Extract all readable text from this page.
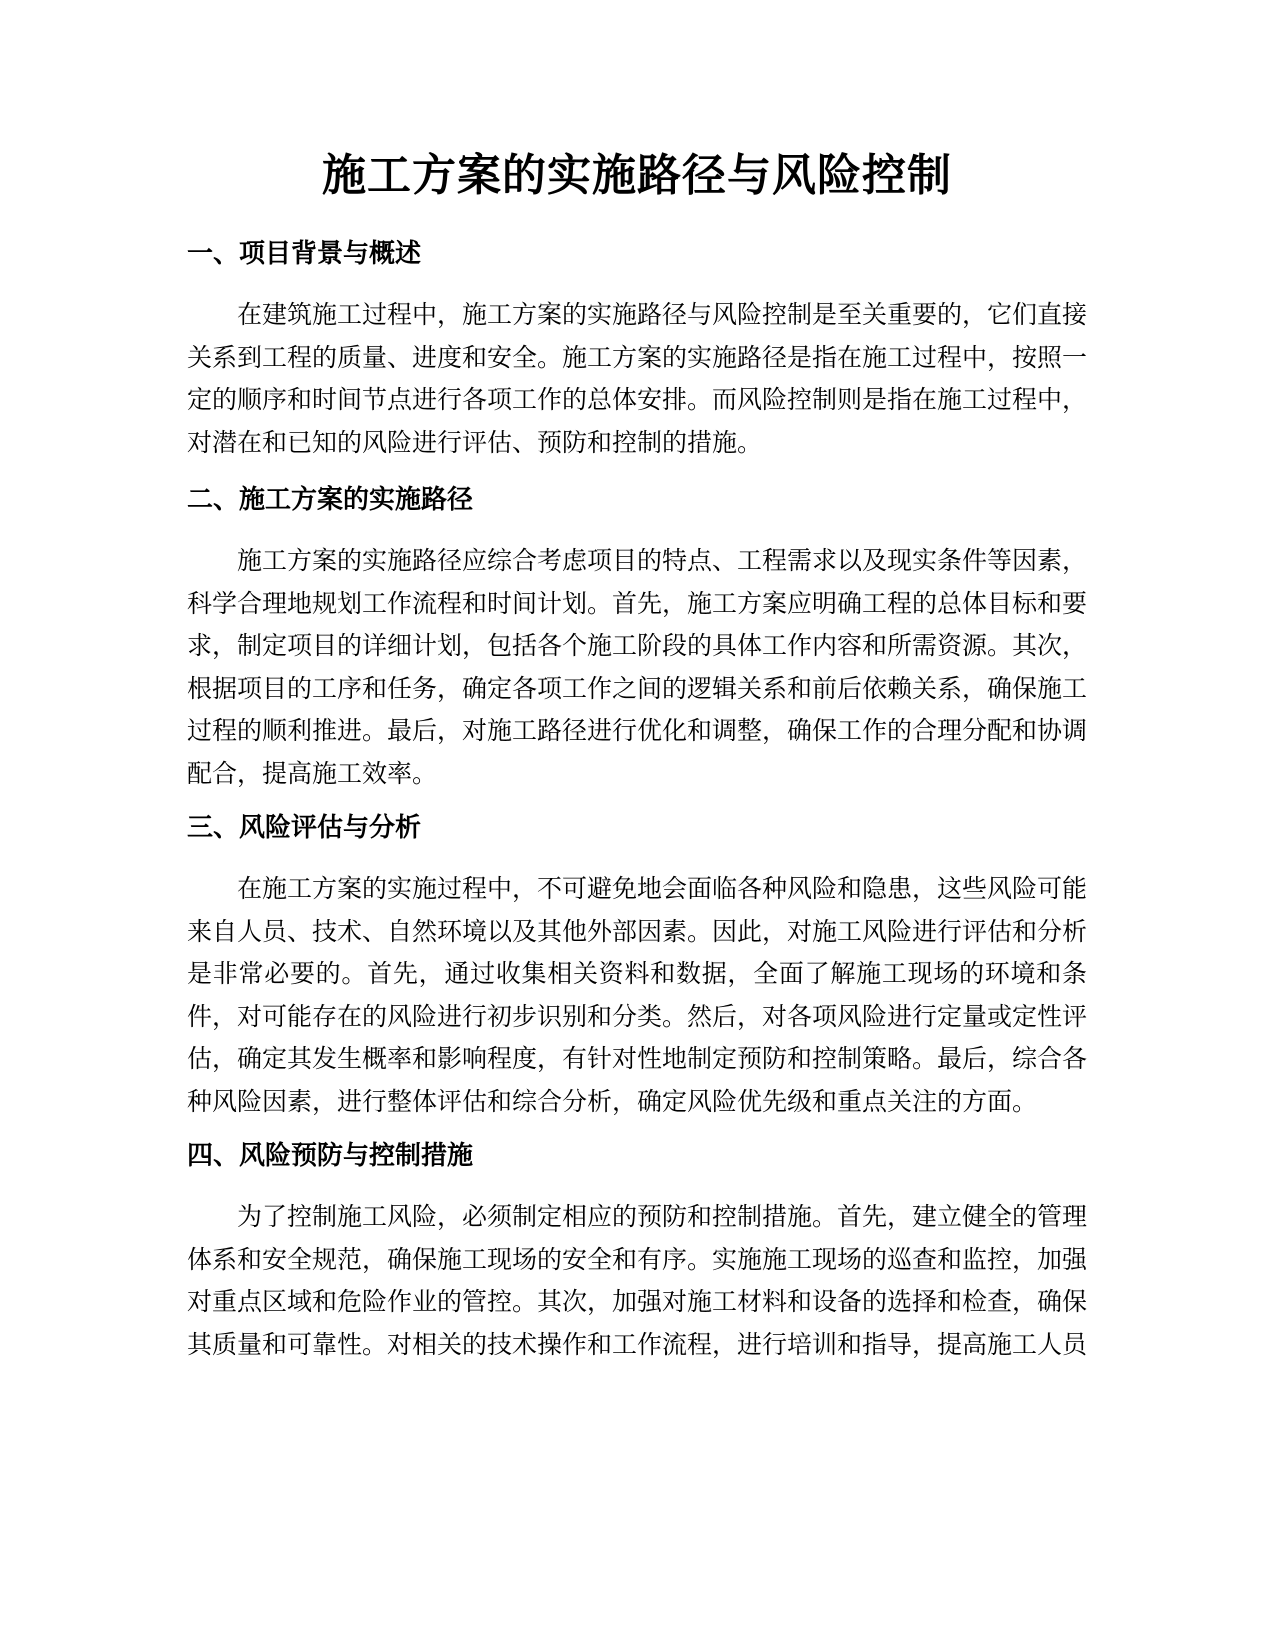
施工方案的实施路径与风险控制
一、项目背景与概述

在建筑施工过程中，施工方案的实施路径与风险控制是至关重要的，它们直接关系到工程的质量、进度和安全。施工方案的实施路径是指在施工过程中，按照一定的顺序和时间节点进行各项工作的总体安排。而风险控制则是指在施工过程中，对潜在和已知的风险进行评估、预防和控制的措施。

二、施工方案的实施路径

施工方案的实施路径应综合考虑项目的特点、工程需求以及现实条件等因素，科学合理地规划工作流程和时间计划。首先，施工方案应明确工程的总体目标和要求，制定项目的详细计划，包括各个施工阶段的具体工作内容和所需资源。其次，根据项目的工序和任务，确定各项工作之间的逻辑关系和前后依赖关系，确保施工过程的顺利推进。最后，对施工路径进行优化和调整，确保工作的合理分配和协调配合，提高施工效率。

三、风险评估与分析

在施工方案的实施过程中，不可避免地会面临各种风险和隐患，这些风险可能来自人员、技术、自然环境以及其他外部因素。因此，对施工风险进行评估和分析是非常必要的。首先，通过收集相关资料和数据，全面了解施工现场的环境和条件，对可能存在的风险进行初步识别和分类。然后，对各项风险进行定量或定性评估，确定其发生概率和影响程度，有针对性地制定预防和控制策略。最后，综合各种风险因素，进行整体评估和综合分析，确定风险优先级和重点关注的方面。

四、风险预防与控制措施

为了控制施工风险，必须制定相应的预防和控制措施。首先，建立健全的管理体系和安全规范，确保施工现场的安全和有序。实施施工现场的巡查和监控，加强对重点区域和危险作业的管控。其次，加强对施工材料和设备的选择和检查，确保其质量和可靠性。对相关的技术操作和工作流程，进行培训和指导，提高施工人员
